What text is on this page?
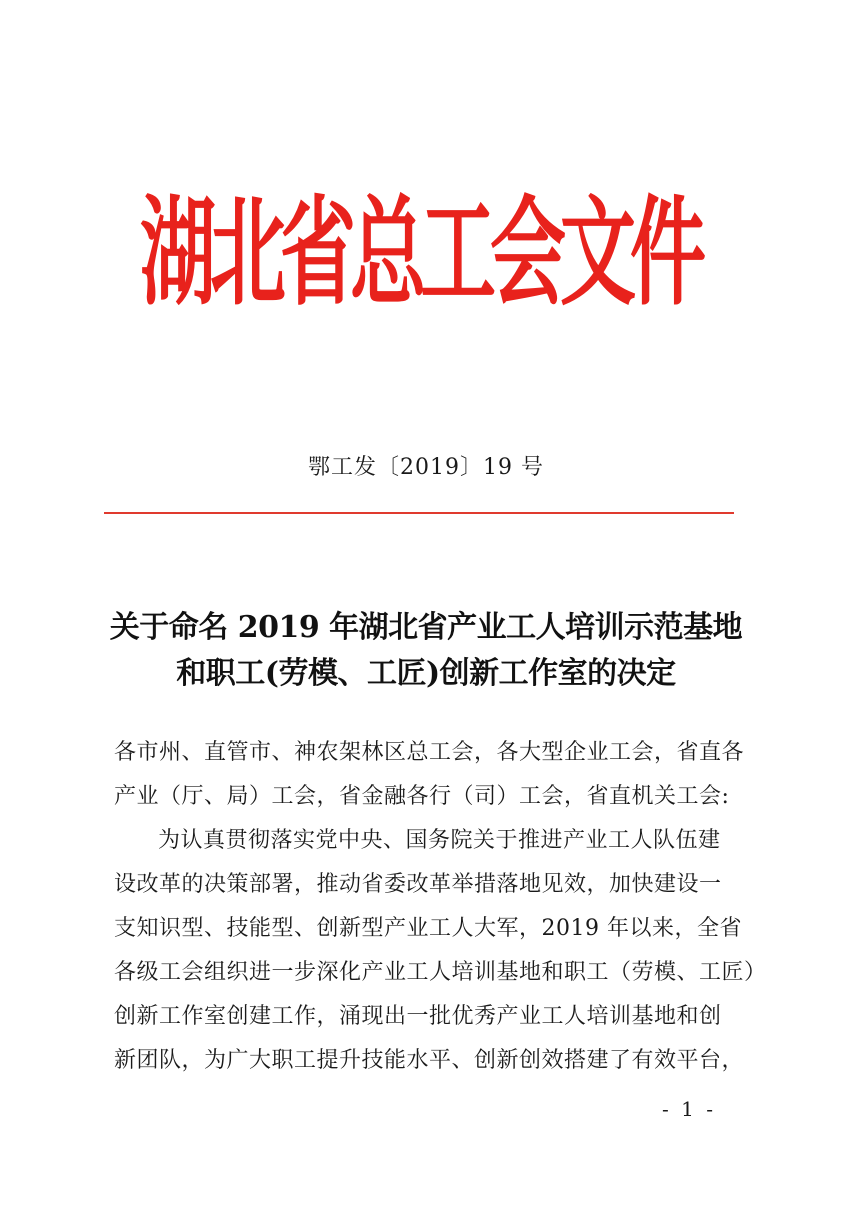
湖北省总工会文件
鄂工发〔2019〕19 号
关于命名 2019 年湖北省产业工人培训示范基地
和职工(劳模、工匠)创新工作室的决定
各市州、直管市、神农架林区总工会，各大型企业工会，省直各
产业（厅、局）工会，省金融各行（司）工会，省直机关工会:
为认真贯彻落实党中央、国务院关于推进产业工人队伍建
设改革的决策部署，推动省委改革举措落地见效，加快建设一
支知识型、技能型、创新型产业工人大军，2019 年以来，全省
各级工会组织进一步深化产业工人培训基地和职工（劳模、工匠）
创新工作室创建工作，涌现出一批优秀产业工人培训基地和创
新团队，为广大职工提升技能水平、创新创效搭建了有效平台，
- 1 -
